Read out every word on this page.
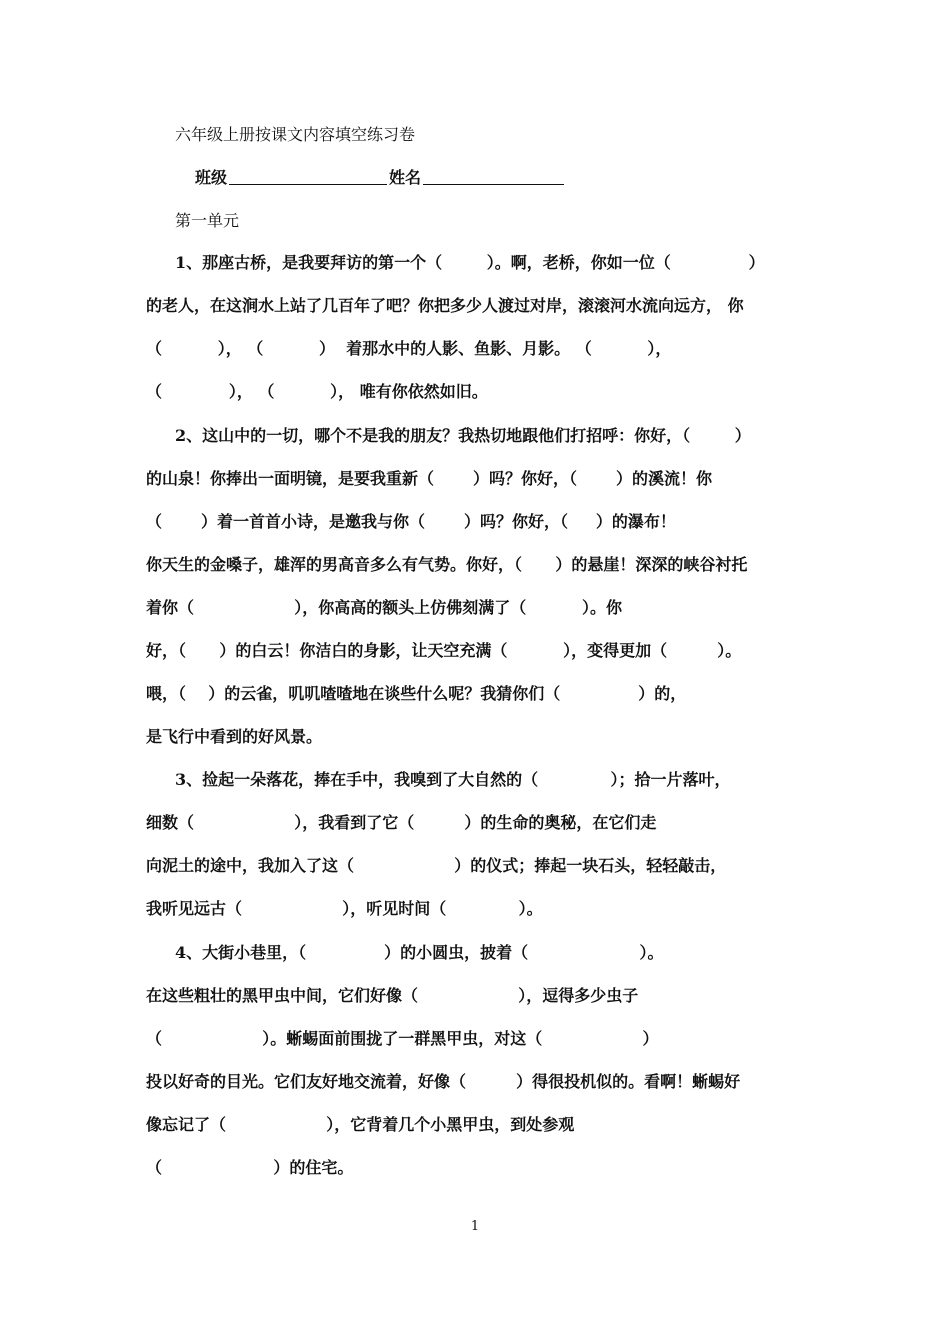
六年级上册按课文内容填空练习卷
班级	姓名
第一单元
1、那座古桥，是我要拜访的第一个（        ）。啊，老桥，你如一位（              ）
的老人，在这涧水上站了几百年了吧？你把多少人渡过对岸，滚滚河水流向远方， 你
（          ）， （          ）  着那水中的人影、鱼影、月影。 （          ），
（            ）， （          ）， 唯有你依然如旧。
2、这山中的一切，哪个不是我的朋友？我热切地跟他们打招呼：你好，（        ）
的山泉！你捧出一面明镜，是要我重新（       ）吗？你好，（       ）的溪流！你
（       ）着一首首小诗，是邀我与你（       ）吗？你好，（     ）的瀑布！
你天生的金嗓子，雄浑的男高音多么有气势。你好，（      ）的悬崖！深深的峡谷衬托
着你（                  ），你高高的额头上仿佛刻满了（          ）。你
好，（      ）的白云！你洁白的身影，让天空充满（          ），变得更加（         ）。
喂，（    ）的云雀，叽叽喳喳地在谈些什么呢？我猜你们（              ）的，
是飞行中看到的好风景。
3、捡起一朵落花，捧在手中，我嗅到了大自然的（             ）；拾一片落叶，
细数（                  ），我看到了它（         ）的生命的奥秘，在它们走
向泥土的途中，我加入了这（                  ）的仪式；捧起一块石头，轻轻敲击，
我听见远古（                  ），听见时间（             ）。
4、大街小巷里，（              ）的小圆虫，披着（                    ）。
在这些粗壮的黑甲虫中间，它们好像（                  ），逗得多少虫子
（                  ）。蜥蜴面前围拢了一群黑甲虫，对这（                  ）
投以好奇的目光。它们友好地交流着，好像（         ）得很投机似的。看啊！蜥蜴好
像忘记了（                  ），它背着几个小黑甲虫，到处参观
（                    ）的住宅。
1
